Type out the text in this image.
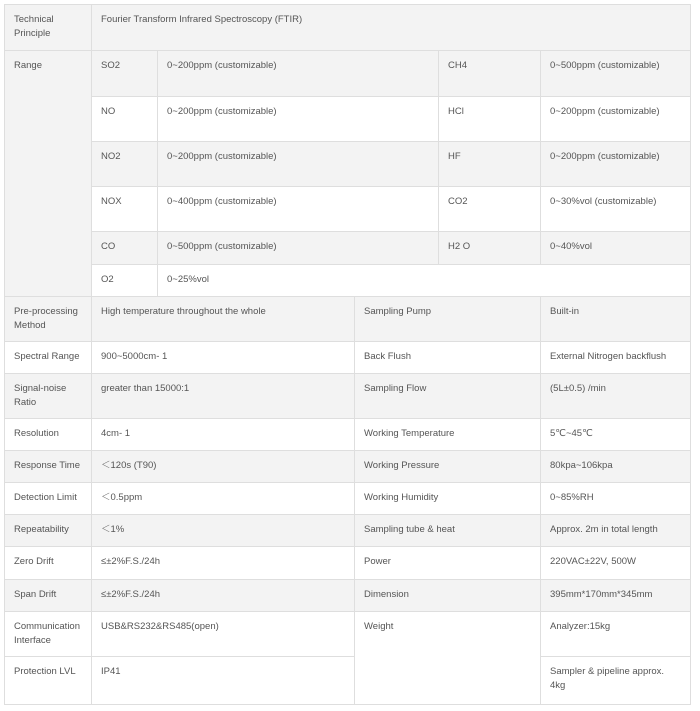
Technical Principle	Fourier Transform Infrared Spectroscopy (FTIR)				
Range	SO2	0~200ppm (customizable)		CH4	0~500ppm (customizable)
	NO	0~200ppm (customizable)		HCl	0~200ppm (customizable)
	NO2	0~200ppm (customizable)		HF	0~200ppm (customizable)
	NOX	0~400ppm (customizable)		CO2	0~30%vol (customizable)
	CO	0~500ppm (customizable)		H2 O	0~40%vol
	O2	0~25%vol			
Pre-processing Method	High temperature throughout the whole		Sampling Pump		Built-in
Spectral Range	900~5000cm- 1		Back Flush		External Nitrogen backflush
Signal-noise Ratio	greater than 15000:1		Sampling Flow		(5L±0.5) /min
Resolution	4cm- 1		Working Temperature		5℃~45℃
Response Time	＜120s (T90)		Working Pressure		80kpa~106kpa
Detection Limit	＜0.5ppm		Working Humidity		0~85%RH
Repeatability	＜1%		Sampling tube & heat		Approx. 2m in total length
Zero Drift	≤±2%F.S./24h		Power		220VAC±22V, 500W
Span Drift	≤±2%F.S./24h		Dimension		395mm*170mm*345mm
Communication Interface	USB&RS232&RS485(open)		Weight		Analyzer:15kg
Protection LVL	IP41				Sampler & pipeline approx. 4kg
